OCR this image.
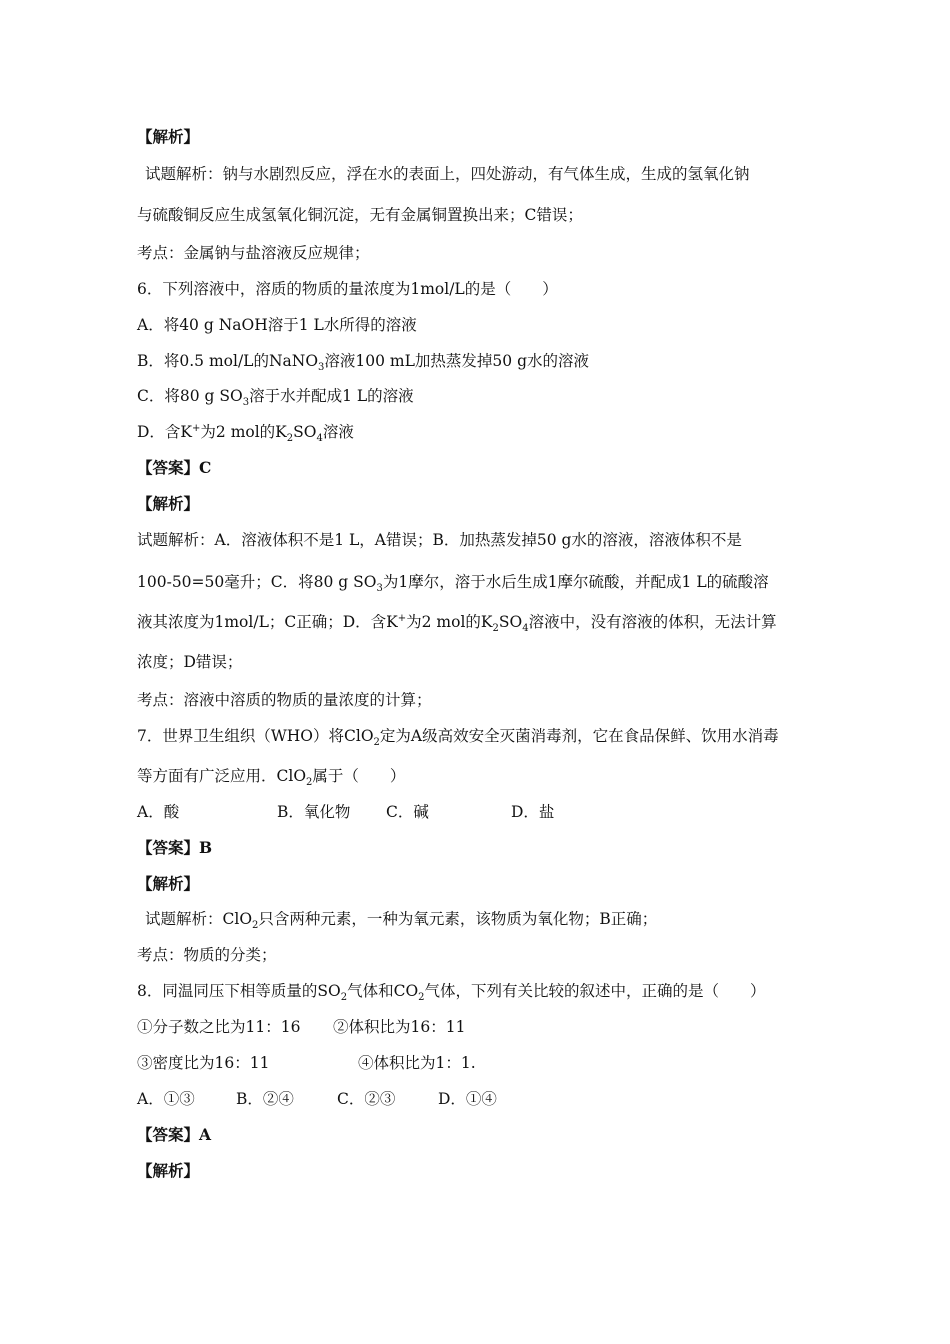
【解析】
试题解析：钠与水剧烈反应，浮在水的表面上，四处游动，有气体生成，生成的氢氧化钠
与硫酸铜反应生成氢氧化铜沉淀，无有金属铜置换出来；C错误；
考点：金属钠与盐溶液反应规律；
6．下列溶液中，溶质的物质的量浓度为1mol/L的是（　　）
A．将40 g NaOH溶于1 L水所得的溶液
B．将0.5 mol/L的NaNO$_3$溶液100 mL加热蒸发掉50 g水的溶液
C．将80 g $SO_3$溶于水并配成1 L的溶液
D．含K+为2 mol的$K_2SO_4$溶液
【答案】C
【解析】
试题解析：A．溶液体积不是1 L，A错误；B．加热蒸发掉50 g水的溶液，溶液体积不是
100-50=50毫升；C．将80 g $SO_3$为1摩尔，溶于水后生成1摩尔硫酸，并配成1 L的硫酸溶
液其浓度为1mol/L；C正确；D．含K+为2 mol的$K_2SO_4$溶液中，没有溶液的体积，无法计算
浓度；D错误；
考点：溶液中溶质的物质的量浓度的计算；
7．世界卫生组织（WHO）将ClO$_2$定为A级高效安全灭菌消毒剂，它在食品保鲜、饮用水消毒
等方面有广泛应用．ClO$_2$属于（　　）
A．酸	B．氧化物 C．碱	D．盐
【答案】B
【解析】
试题解析：ClO$_2$只含两种元素，一种为氧元素，该物质为氧化物；B正确；
考点：物质的分类；
8．同温同压下相等质量的$SO_2$气体和$CO_2$气体，下列有关比较的叙述中，正确的是（　　）
①分子数之比为11：16 ②体积比为16：11
③密度比为16：11	④体积比为1：1.
A．①③	B．②④	C．②③	D．①④
【答案】A
【解析】
